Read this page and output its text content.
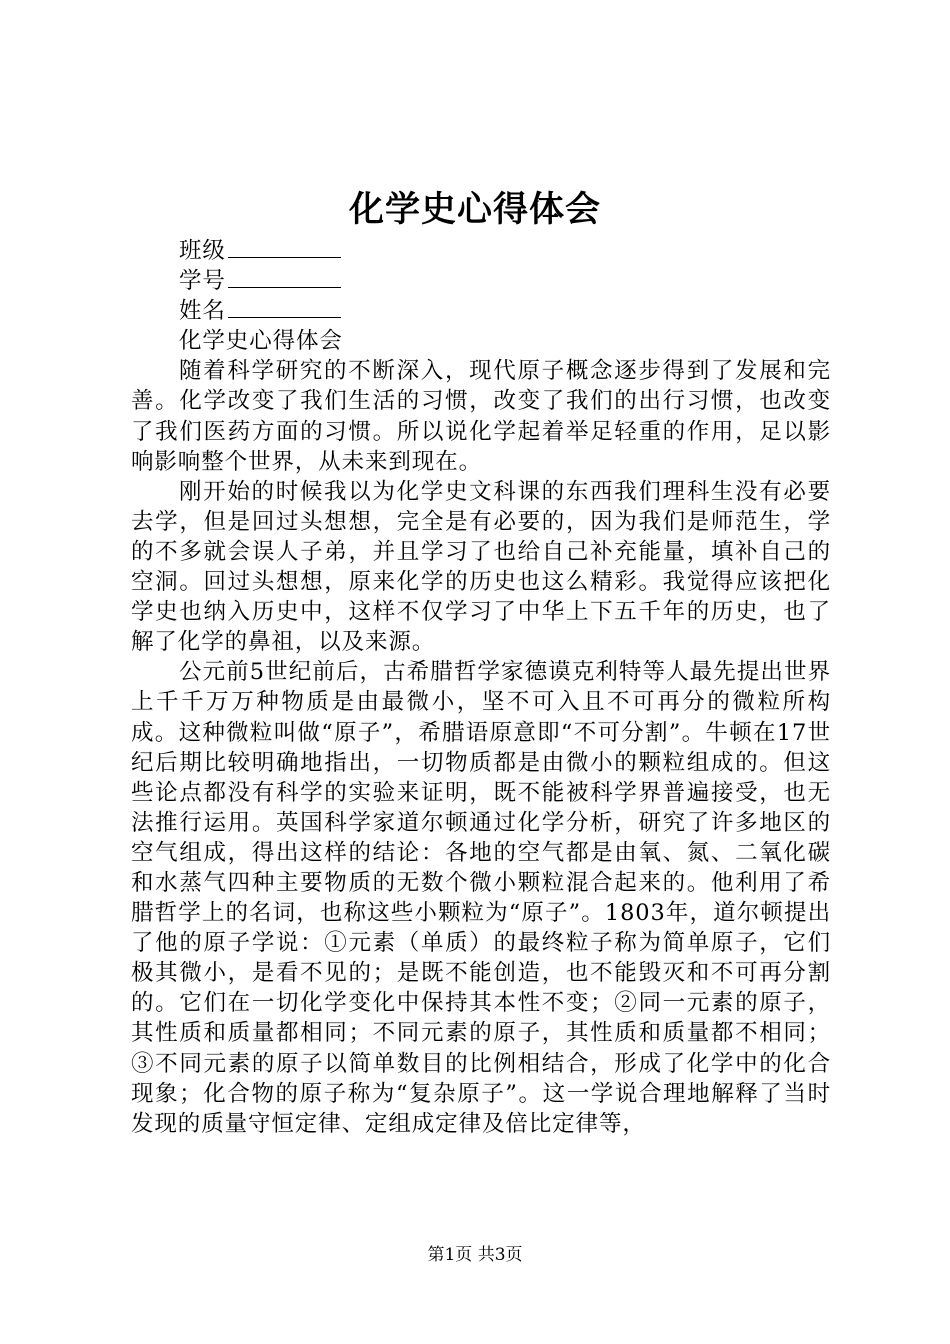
化学史心得体会
班级
学号
姓名

化学史心得体会

随着科学研究的不断深入，现代原子概念逐步得到了发展和完善。化学改变了我们生活的习惯，改变了我们的出行习惯，也改变了我们医药方面的习惯。所以说化学起着举足轻重的作用，足以影响影响整个世界，从未来到现在。

刚开始的时候我以为化学史文科课的东西我们理科生没有必要去学，但是回过头想想，完全是有必要的，因为我们是师范生，学的不多就会误人子弟，并且学习了也给自己补充能量，填补自己的空洞。回过头想想，原来化学的历史也这么精彩。我觉得应该把化学史也纳入历史中，这样不仅学习了中华上下五千年的历史，也了解了化学的鼻祖，以及来源。

公元前5世纪前后，古希腊哲学家德谟克利特等人最先提出世界上千千万万种物质是由最微小，坚不可入且不可再分的微粒所构成。这种微粒叫做“原子”，希腊语原意即“不可分割”。牛顿在17世纪后期比较明确地指出，一切物质都是由微小的颗粒组成的。但这些论点都没有科学的实验来证明，既不能被科学界普遍接受，也无法推行运用。英国科学家道尔顿通过化学分析，研究了许多地区的空气组成，得出这样的结论：各地的空气都是由氧、氮、二氧化碳和水蒸气四种主要物质的无数个微小颗粒混合起来的。他利用了希腊哲学上的名词，也称这些小颗粒为“原子”。1803年，道尔顿提出了他的原子学说：①元素（单质）的最终粒子称为简单原子，它们极其微小，是看不见的；是既不能创造，也不能毁灭和不可再分割的。它们在一切化学变化中保持其本性不变；②同一元素的原子，其性质和质量都相同；不同元素的原子，其性质和质量都不相同；③不同元素的原子以简单数目的比例相结合，形成了化学中的化合现象；化合物的原子称为“复杂原子”。这一学说合理地解释了当时发现的质量守恒定律、定组成定律及倍比定律等，

第1页 共3页
